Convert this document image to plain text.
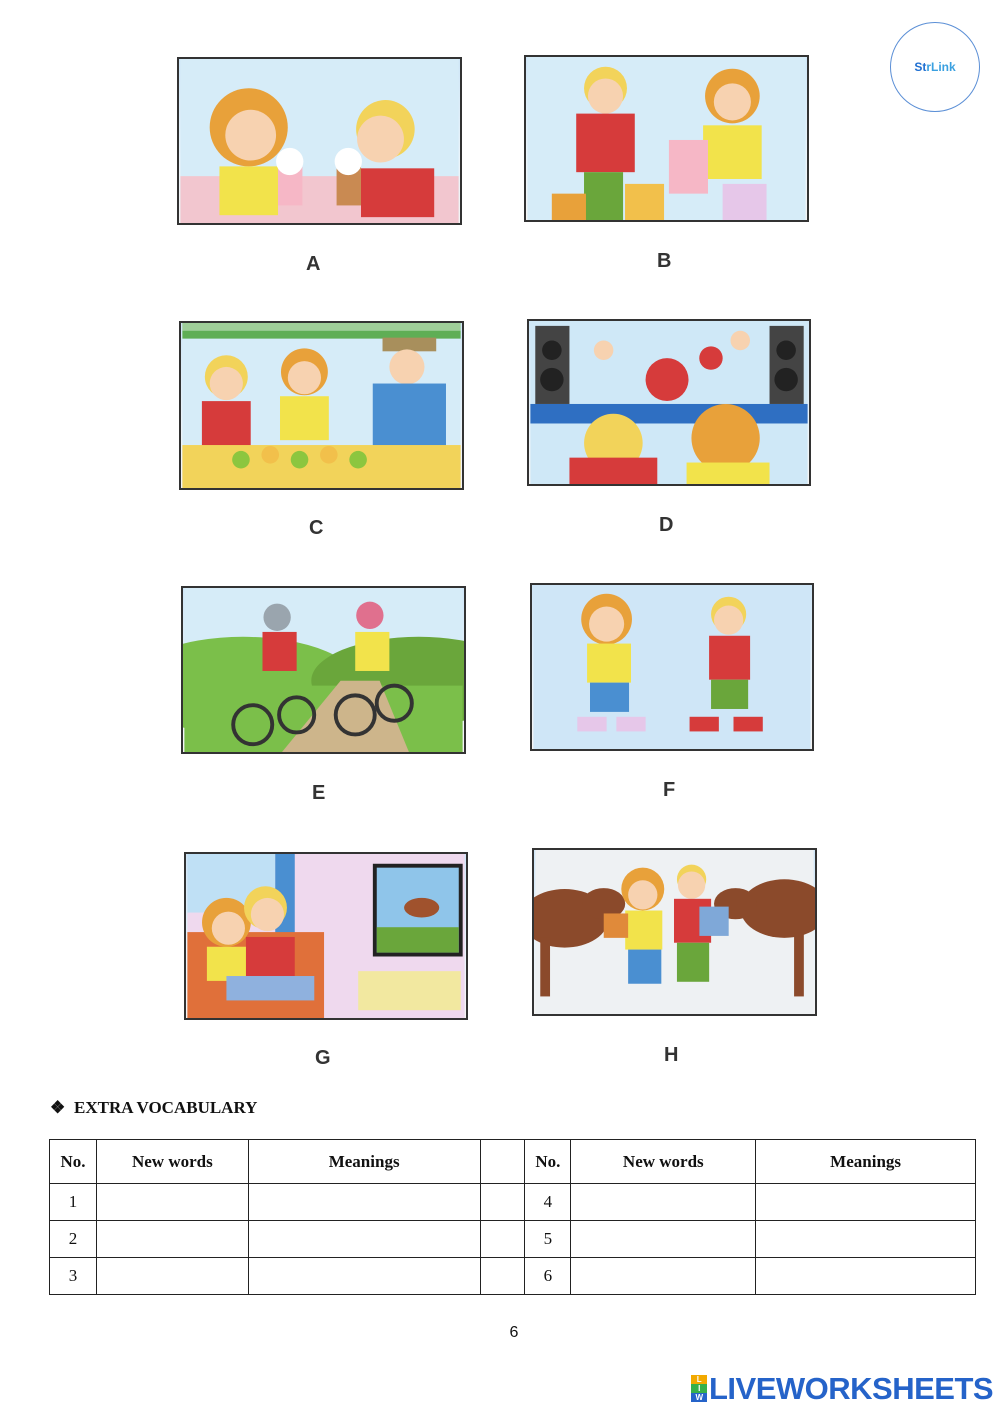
St rLink
A	B
C	D
E	F
G	H
❖ EXTRA VOCABULARY
No.	New words	Meanings		No.	New words	Meanings
1				4		
2				5		
3				6		
6
L
I
W LIVEWORKSHEETS
